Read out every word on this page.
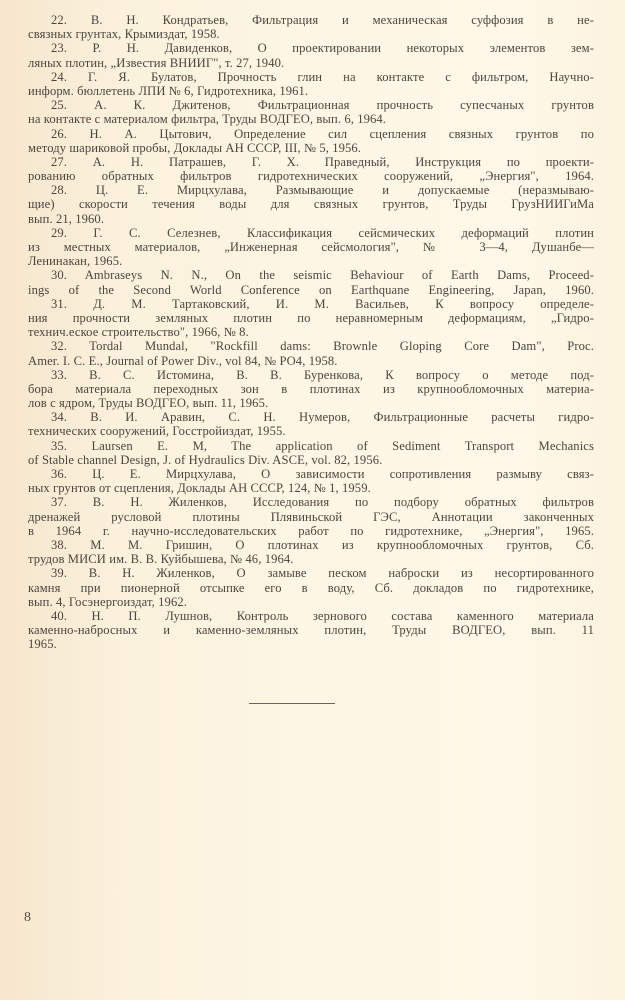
22. В. Н. Кондратьев, Фильтрация и механическая суффозия в не-
связных грунтах, Крымиздат, 1958.
23. Р. Н. Давиденков, О проектировании некоторых элементов зем-
ляных плотин, „Известия ВНИИГ", т. 27, 1940.
24. Г. Я. Булатов, Прочность глин на контакте с фильтром, Научно-
информ. бюллетень ЛПИ № 6, Гидротехника, 1961.
25. А. К. Джитенов, Фильтрационная прочность супесчаных грунтов
на контакте с материалом фильтра, Труды ВОДГЕО, вып. 6, 1964.
26. Н. А. Цытович, Определение сил сцепления связных грунтов по
методу шариковой пробы, Доклады АН СССР, III, № 5, 1956.
27. А. Н. Патрашев, Г. Х. Праведный, Инструкция по проекти-
рованию обратных фильтров гидротехнических сооружений, „Энергия", 1964.
28. Ц. Е. Мирцхулава, Размывающие и допускаемые (неразмываю-
щие) скорости течения воды для связных грунтов, Труды ГрузНИИГиМа
вып. 21, 1960.
29. Г. С. Селезнев, Классификация сейсмических деформаций плотин
из местных материалов, „Инженерная сейсмология", № 3—4, Душанбе—
Ленинакан, 1965.
30. Ambraseys N. N., On the seismic Behaviour of Earth Dams, Proceed-
ings of the Second World Conference on Earthquane Engineering, Japan, 1960.
31. Д. М. Тартаковский, И. М. Васильев, К вопросу определе-
ния прочности земляных плотин по неравномерным деформациям, „Гидро-
технич.еское строительство", 1966, № 8.
32. Tordal Mundal, "Rockfill dams: Brownle Gloping Core Dam", Proc.
Amer. I. C. E., Journal of Power Div., vol 84, № PO4, 1958.
33. В. С. Истомина, В. В. Буренкова, К вопросу о методе под-
бора материала переходных зон в плотинах из крупнообломочных материа-
лов с ядром, Труды ВОДГЕО, вып. 11, 1965.
34. В. И. Аравин, С. Н. Нумеров, Фильтрационные расчеты гидро-
технических сооружений, Госстройиздат, 1955.
35. Laursen E. M, The application of Sediment Transport Mechanics
of Stable channel Design, J. of Hydraulics Div. ASCE, vol. 82, 1956.
36. Ц. Е. Мирцхулава, О зависимости сопротивления размыву связ-
ных грунтов от сцепления, Доклады АН СССР, 124, № 1, 1959.
37. В. Н. Жиленков, Исследования по подбору обратных фильтров
дренажей русловой плотины Плявиньской ГЭС, Аннотации законченных
в 1964 г. научно-исследовательских работ по гидротехнике, „Энергия", 1965.
38. М. М. Гришин, О плотинах из крупнообломочных грунтов, Сб.
трудов МИСИ им. В. В. Куйбышева, № 46, 1964.
39. В. Н. Жиленков, О замыве песком наброски из несортированного
камня при пионерной отсыпке его в воду, Сб. докладов по гидротехнике,
вып. 4, Госэнергоиздат, 1962.
40. Н. П. Лушнов, Контроль зернового состава каменного материала
каменно-набросных и каменно-земляных плотин, Труды ВОДГЕО, вып. 11
1965.
8
